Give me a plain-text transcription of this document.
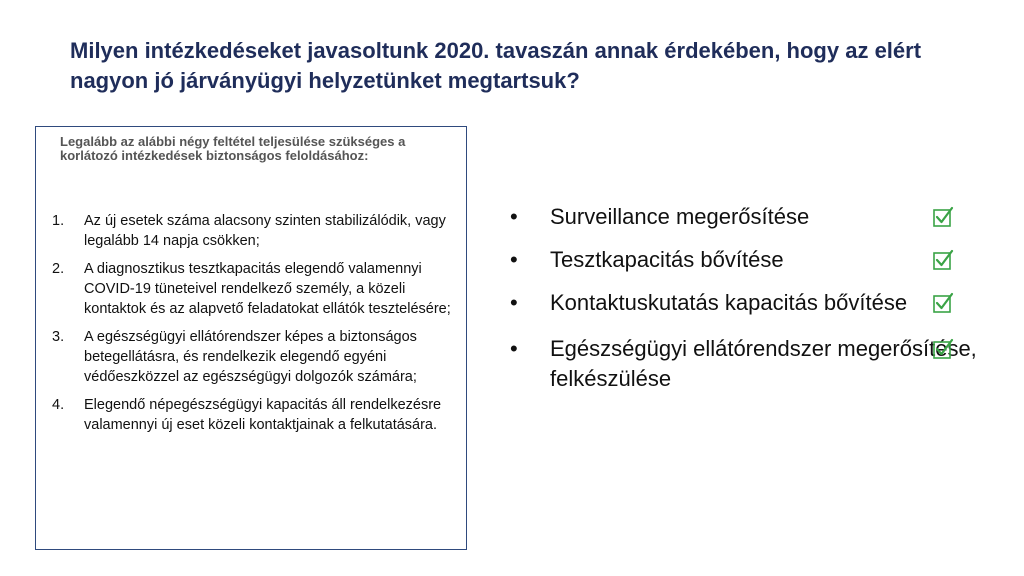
Milyen intézkedéseket javasoltunk 2020. tavaszán annak érdekében, hogy az elért nagyon jó járványügyi helyzetünket megtartsuk?

Legalább az alábbi négy feltétel teljesülése szükséges a korlátozó intézkedések biztonságos feloldásához:

1.	Az új esetek száma alacsony szinten stabilizálódik, vagy legalább 14 napja csökken;
2.	A diagnosztikus tesztkapacitás elegendő valamennyi COVID-19 tüneteivel rendelkező személy, a közeli kontaktok és az alapvető feladatokat ellátók tesztelésére;
3.	A egészségügyi ellátórendszer képes a biztonságos betegellátásra, és rendelkezik elegendő egyéni védőeszközzel az egészségügyi dolgozók számára;
4.	Elegendő népegészségügyi kapacitás áll rendelkezésre valamennyi új eset közeli kontaktjainak a felkutatására.
• Surveillance megerősítése
• Tesztkapacitás bővítése
• Kontaktuskutatás kapacitás bővítése
• Egészségügyi ellátórendszer megerősítése, felkészülése
